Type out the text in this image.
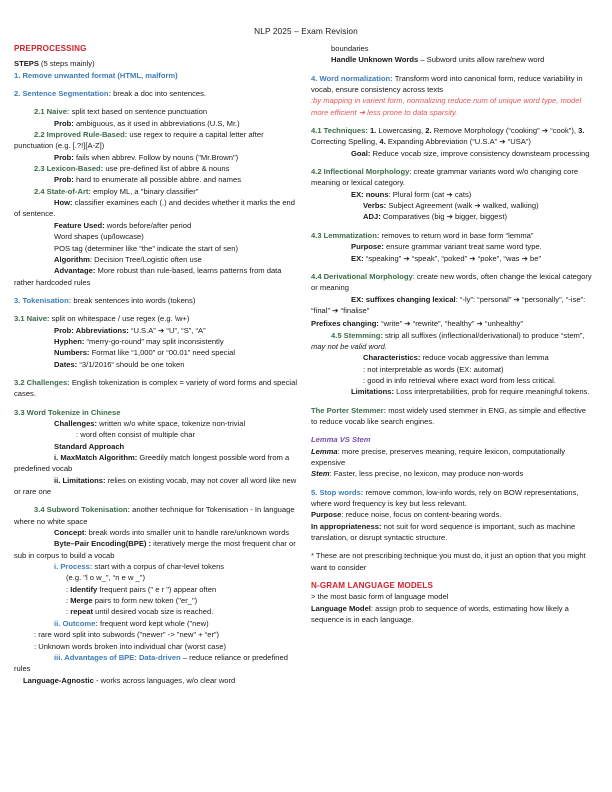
NLP 2025 – Exam Revision

PREPROCESSING

STEPS (5 steps mainly)

1. Remove unwanted format (HTML, malform)

2. Sentence Segmentation: break a doc into sentences.

2.1 Naive: split text based on sentence punctuation

Prob: ambiguous, as it used in abbreviations (U.S, Mr.)

2.2 Improved Rule-Based: use regex to require a capital letter after punctuation (e.g. [.?!][A-Z])

Prob: fails when abbrev. Follow by nouns ("Mr.Brown")

2.3 Lexicon-Based: use pre-defined list of abbre & nouns

Prob: hard to enumerate all possible abbre. and names

2.4 State-of-Art: employ ML, a "binary classifier"

How: classifier examines each (.) and decides whether it marks the end of sentence.

Feature Used: words before/after period

Word shapes (up/lowcase)

POS tag (determiner like “the” indicate the start of sen)

Algorithm: Decision Tree/Logistic often use

Advantage: More robust than rule-based, learns patterns from data rather hardcoded rules

3. Tokenisation: break sentences into words (tokens)

3.1 Naive: split on whitespace / use regex (e.g. \w+)

Prob: Abbreviations: “U.S.A” ➔ “U”, “S”, “A”

Hyphen: “merry-go-round” may split inconsistently

Numbers: Format like “1,000” or “00.01” need special

Dates: “3/1/2016“ should be one token

3.2 Challenges: English tokenization is complex = variety of word forms and special cases.

3.3 Word Tokenize in Chinese

Challenges: written w/o white space, tokenize non-trivial

: word often consist of multiple char

Standard Approach

i. MaxMatch Algorithm: Greedily match longest possible word from a predefined vocab

ii. Limitations: relies on existing vocab, may not cover all word like new or rare one

3.4 Subword Tokenisation: another technique for Tokenisation - In language where no white space

Concept: break words into smaller unit to handle rare/unknown words

Byte–Pair Encoding(BPE) : iteratively merge the most frequent char or sub in corpus to build a vocab

i. Process: start with a corpus of char-level tokens

(e.g. "l o w_", “n e w _")

: Identify frequent pairs (" e r ") appear often

: Merge pairs to form new token ("er_")

: repeat until desired vocab size is reached.

ii. Outcome: frequent word kept whole ("new)

: rare word split into subwords ("newer" -> "new" + “er”)

: Unknown words broken into individual char (worst case)

iii. Advantages of BPE: Data-driven – reduce reliance or predefined rules

Language-Agnostic - works across languages, w/o clear word

boundaries

Handle Unknown Words – Subword units allow rare/new word

4. Word normalization: Transform word into canonical form, reduce variability in vocab, ensure consistency across texts

:by mapping in varient form, normalizing reduce num of unique word type, model more efficient ➔ less prone to data sparsity.

4.1 Techniques: 1. Lowercasing, 2. Remove Morphology (“cooking” ➔ “cook”), 3. Correcting Spelling, 4. Expanding Abbreviation (“U.S.A” ➔ “USA”)

Goal: Reduce vocab size, improve consistency downsteam processing

4.2 Inflectional Morphology: create grammar variants word w/o changing core meaning or lexical category.

EX: nouns: Plural form (cat ➔ cats)

Verbs: Subject Agreement (walk ➔ walked, walking)

ADJ: Comparatives (big ➔ bigger, biggest)

4.3 Lemmatization: removes to return word in base form “lemma”

Purpose: ensure grammar variant treat same word type.

EX: “speaking” ➔ “speak”, “poked” ➔ “poke”, “was ➔ be”

4.4 Derivational Morphology: create new words, often change the lexical category or meaning

EX: suffixes changing lexical: “-ly”: “personal” ➔ “personally”, “-ise”: “final” ➔ “finalise”

Prefixes changing: “write” ➔ “rewrite”, “healthy” ➔ “unhealthy”

4.5 Stemming: strip all suffixes (inflectional/derivational) to produce “stem”, may not be valid word.

Characteristics: reduce vocab aggressive than lemma

: not interpretable as words (EX: automat)

: good in info retrieval where exact word from less critical.

Limitations: Loss interpretabilities, prob for require meaningful tokens.

The Porter Stemmer: most widely used stemmer in ENG, as simple and effective to reduce vocab like search engines.

Lemma VS Stem

Lemma: more precise, preserves meaning, require lexicon, computationally expensive

Stem: Faster, less precise, no lexicon, may produce non-words

5. Stop words: remove common, low-info words, rely on BOW representations, where word frequency is key but less relevant.

Purpose: reduce noise, focus on content-bearing words.

In appropriateness: not suit for word sequence is important, such as machine translation, or disrupt syntactic structure.

* These are not prescribing technique you must do, it just an option that you might want to consider

N-GRAM LANGUAGE MODELS

> the most basic form of language model

Language Model: assign prob to sequence of words, estimating how likely a sequence is in each language.
